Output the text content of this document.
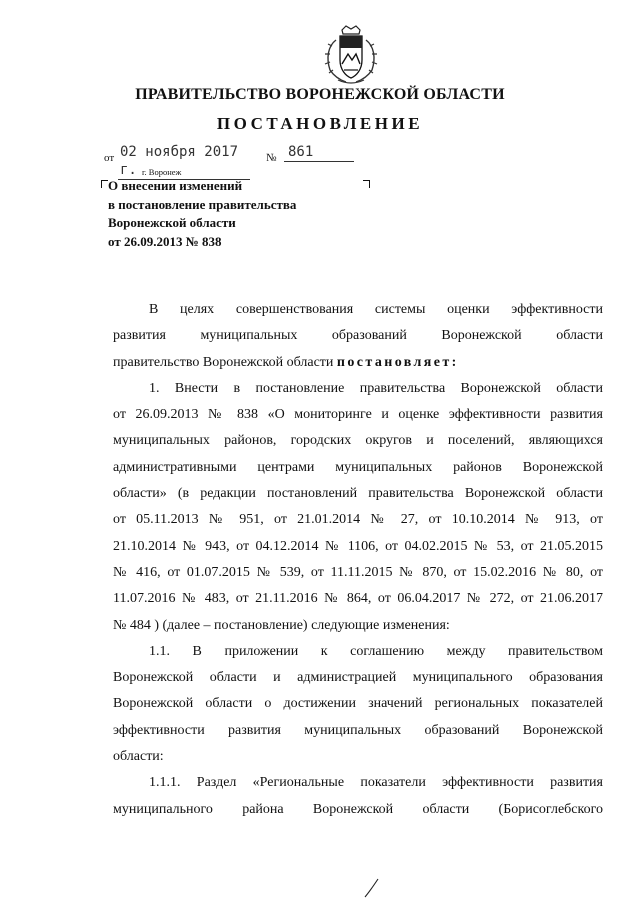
ПРАВИТЕЛЬСТВО ВОРОНЕЖСКОЙ ОБЛАСТИ
ПОСТАНОВЛЕНИЕ
от 02 ноября 2017 г.
№ 861
г. Воронеж
О внесении изменений
в постановление правительства
Воронежской области
от 26.09.2013 № 838
В целях совершенствования системы оценки эффективности
развития муниципальных образований Воронежской области
правительство Воронежской области постановляет:
1. Внести в постановление правительства Воронежской области
от 26.09.2013 № 838 «О мониторинге и оценке эффективности развития
муниципальных районов, городских округов и поселений, являющихся
административными центрами муниципальных районов Воронежской
области» (в редакции постановлений правительства Воронежской области
от 05.11.2013 № 951, от 21.01.2014 № 27, от 10.10.2014 № 913, от
21.10.2014 № 943, от 04.12.2014 № 1106, от 04.02.2015 № 53, от 21.05.2015
№ 416, от 01.07.2015 № 539, от 11.11.2015 № 870, от 15.02.2016 № 80, от
11.07.2016 № 483, от 21.11.2016 № 864, от 06.04.2017 № 272, от 21.06.2017
№ 484 ) (далее – постановление) следующие изменения:
1.1. В приложении к соглашению между правительством
Воронежской области и администрацией муниципального образования
Воронежской области о достижении значений региональных показателей
эффективности развития муниципальных образований Воронежской
области:
1.1.1. Раздел «Региональные показатели эффективности развития
муниципального района Воронежской области (Борисоглебского
